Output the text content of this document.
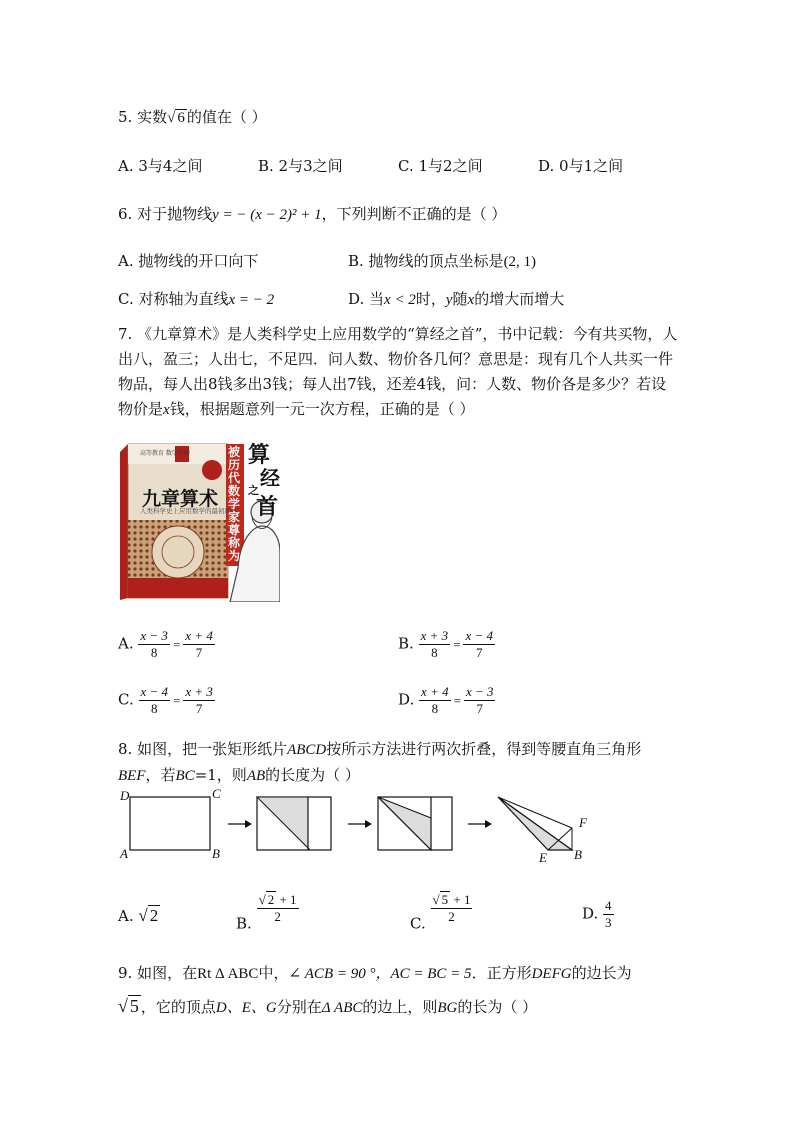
5. 实数√ 6 的值在（ ）
A. 3与4之间	B. 2与3之间	C. 1与2之间	D. 0与1之间
6. 对于抛物线y = − (x − 2)² + 1，下列判断不正确的是（ ）
A. 抛物线的开口向下	B. 抛物线的顶点坐标是(2, 1)
C. 对称轴为直线x = − 2	D. 当x < 2时，y随x的增大而增大
7. 《九章算术》是人类科学史上应用数学的“算经之首”，书中记载：今有共买物，人出八，盈三；人出七，不足四．问人数、物价各几何？意思是：现有几个人共买一件物品，每人出8钱多出3钱；每人出7钱，还差4钱，问：人数、物价各是多少？若设物价是x钱，根据题意列一元一次方程，正确的是（ ）
高等教育 数学读物
九章算术
人类科学史上应用数学的最初巅峰
被历代数学家尊称为
算
经
之
首
A. $\frac{x - 3}{8} = \frac{x + 4}{7}$	B. $\frac{x + 3}{8} = \frac{x - 4}{7}$
C. $\frac{x - 4}{8} = \frac{x + 3}{7}$	D. $\frac{x + 4}{8} = \frac{x - 3}{7}$
8. 如图，把一张矩形纸片ABCD按所示方法进行两次折叠，得到等腰直角三角形BEF，若BC=1，则AB的长度为（ ）
D	C
A	B
F
E B
A. √ 2	B. $\frac{√ 2 + 1}{2}$	C. $\frac{√ 5 + 1}{2}$	D. $\frac{4}{3}$
9. 如图，在Rt Δ ABC中，∠ ACB = 90 °，AC = BC = 5．正方形DEFG的边长为
√ 5 ，它的顶点D、E、G分别在Δ ABC的边上，则BG的长为（ ）
